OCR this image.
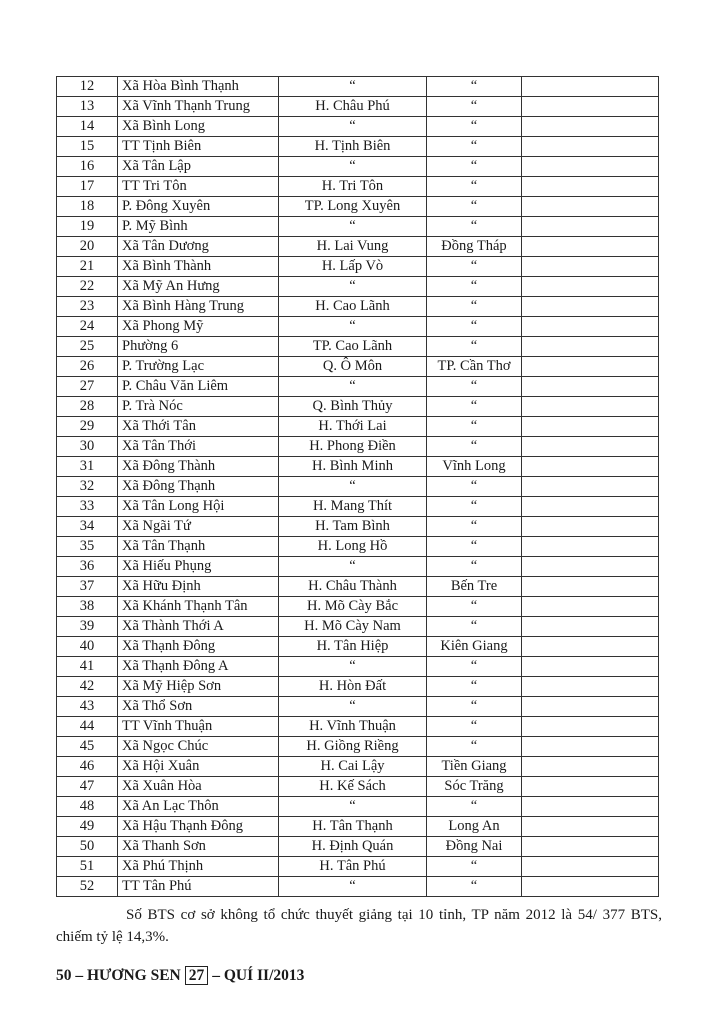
12	Xã Hòa Bình Thạnh	“	“	
13	Xã Vĩnh Thạnh Trung	H. Châu Phú	“	
14	Xã Bình Long	“	“	
15	TT Tịnh Biên	H. Tịnh Biên	“	
16	Xã Tân Lập	“	“	
17	TT Tri Tôn	H. Tri Tôn	“	
18	P. Đông Xuyên	TP. Long Xuyên	“	
19	P. Mỹ Bình	“	“	
20	Xã Tân Dương	H. Lai Vung	Đồng Tháp	
21	Xã Bình Thành	H. Lấp Vò	“	
22	Xã Mỹ An Hưng	“	“	
23	Xã Bình Hàng Trung	H. Cao Lãnh	“	
24	Xã Phong Mỹ	“	“	
25	Phường 6	TP. Cao Lãnh	“	
26	P. Trường Lạc	Q. Ô Môn	TP. Cần Thơ	
27	P. Châu Văn Liêm	“	“	
28	P. Trà Nóc	Q. Bình Thủy	“	
29	Xã Thới Tân	H. Thới Lai	“	
30	Xã Tân Thới	H. Phong Điền	“	
31	Xã Đông Thành	H. Bình Minh	Vĩnh Long	
32	Xã Đông Thạnh	“	“	
33	Xã Tân Long Hội	H. Mang Thít	“	
34	Xã Ngãi Tứ	H. Tam Bình	“	
35	Xã Tân Thạnh	H. Long Hồ	“	
36	Xã Hiếu Phụng	“	“	
37	Xã Hữu Định	H. Châu Thành	Bến Tre	
38	Xã Khánh Thạnh Tân	H. Mõ Cày Bắc	“	
39	Xã Thành Thới A	H. Mõ Cày Nam	“	
40	Xã Thạnh Đông	H. Tân Hiệp	Kiên Giang	
41	Xã Thạnh Đông A	“	“	
42	Xã Mỹ Hiệp Sơn	H. Hòn Đất	“	
43	Xã Thổ Sơn	“	“	
44	TT Vĩnh Thuận	H. Vĩnh Thuận	“	
45	Xã Ngọc Chúc	H. Giồng Riềng	“	
46	Xã Hội Xuân	H. Cai Lậy	Tiền Giang	
47	Xã Xuân Hòa	H. Kế Sách	Sóc Trăng	
48	Xã An Lạc Thôn	“	“	
49	Xã Hậu Thạnh Đông	H. Tân Thạnh	Long An	
50	Xã Thanh Sơn	H. Định Quán	Đồng Nai	
51	Xã Phú Thịnh	H. Tân Phú	“	
52	TT Tân Phú	“	“	

Số BTS cơ sở không tổ chức thuyết giảng tại 10 tỉnh, TP năm 2012 là 54/ 377 BTS, chiếm tỷ lệ 14,3%.

50
–
HƯƠNG SEN 27 –
QUÍ II/2013
